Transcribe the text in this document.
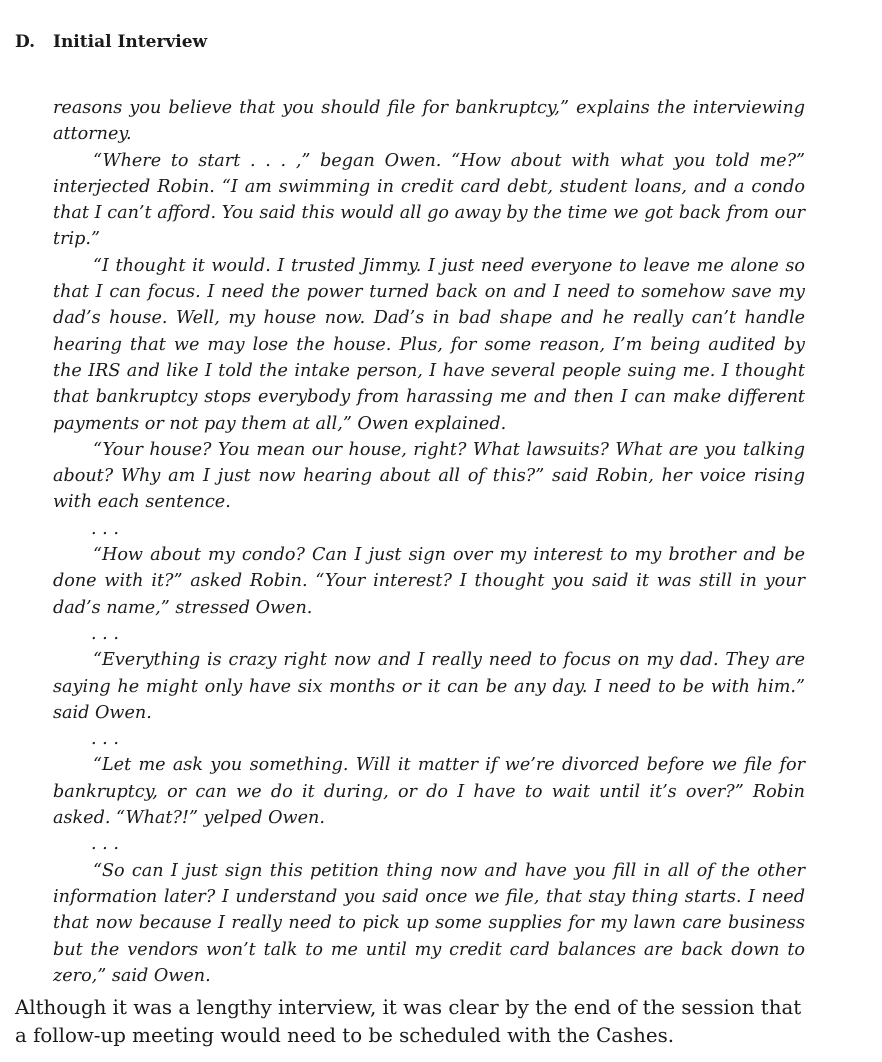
D. Initial Interview

reasons you believe that you should file for bankruptcy,” explains the interviewing attorney.

“Where to start . . . ,” began Owen. “How about with what you told me?” interjected Robin. “I am swimming in credit card debt, student loans, and a condo that I can’t afford. You said this would all go away by the time we got back from our trip.”

“I thought it would. I trusted Jimmy. I just need everyone to leave me alone so that I can focus. I need the power turned back on and I need to somehow save my dad’s house. Well, my house now. Dad’s in bad shape and he really can’t handle hearing that we may lose the house. Plus, for some reason, I’m being audited by the IRS and like I told the intake person, I have several people suing me. I thought that bankruptcy stops everybody from harassing me and then I can make different payments or not pay them at all,” Owen explained.

“Your house? You mean our house, right? What lawsuits? What are you talking about? Why am I just now hearing about all of this?” said Robin, her voice rising with each sentence.

. . .

“How about my condo? Can I just sign over my interest to my brother and be done with it?” asked Robin. “Your interest? I thought you said it was still in your dad’s name,” stressed Owen.

. . .

“Everything is crazy right now and I really need to focus on my dad. They are saying he might only have six months or it can be any day. I need to be with him.” said Owen.

. . .

“Let me ask you something. Will it matter if we’re divorced before we file for bankruptcy, or can we do it during, or do I have to wait until it’s over?” Robin asked. “What?!” yelped Owen.

. . .

“So can I just sign this petition thing now and have you fill in all of the other information later? I understand you said once we file, that stay thing starts. I need that now because I really need to pick up some supplies for my lawn care business but the vendors won’t talk to me until my credit card balances are back down to zero,” said Owen.

Although it was a lengthy interview, it was clear by the end of the session that a follow-up meeting would need to be scheduled with the Cashes.
